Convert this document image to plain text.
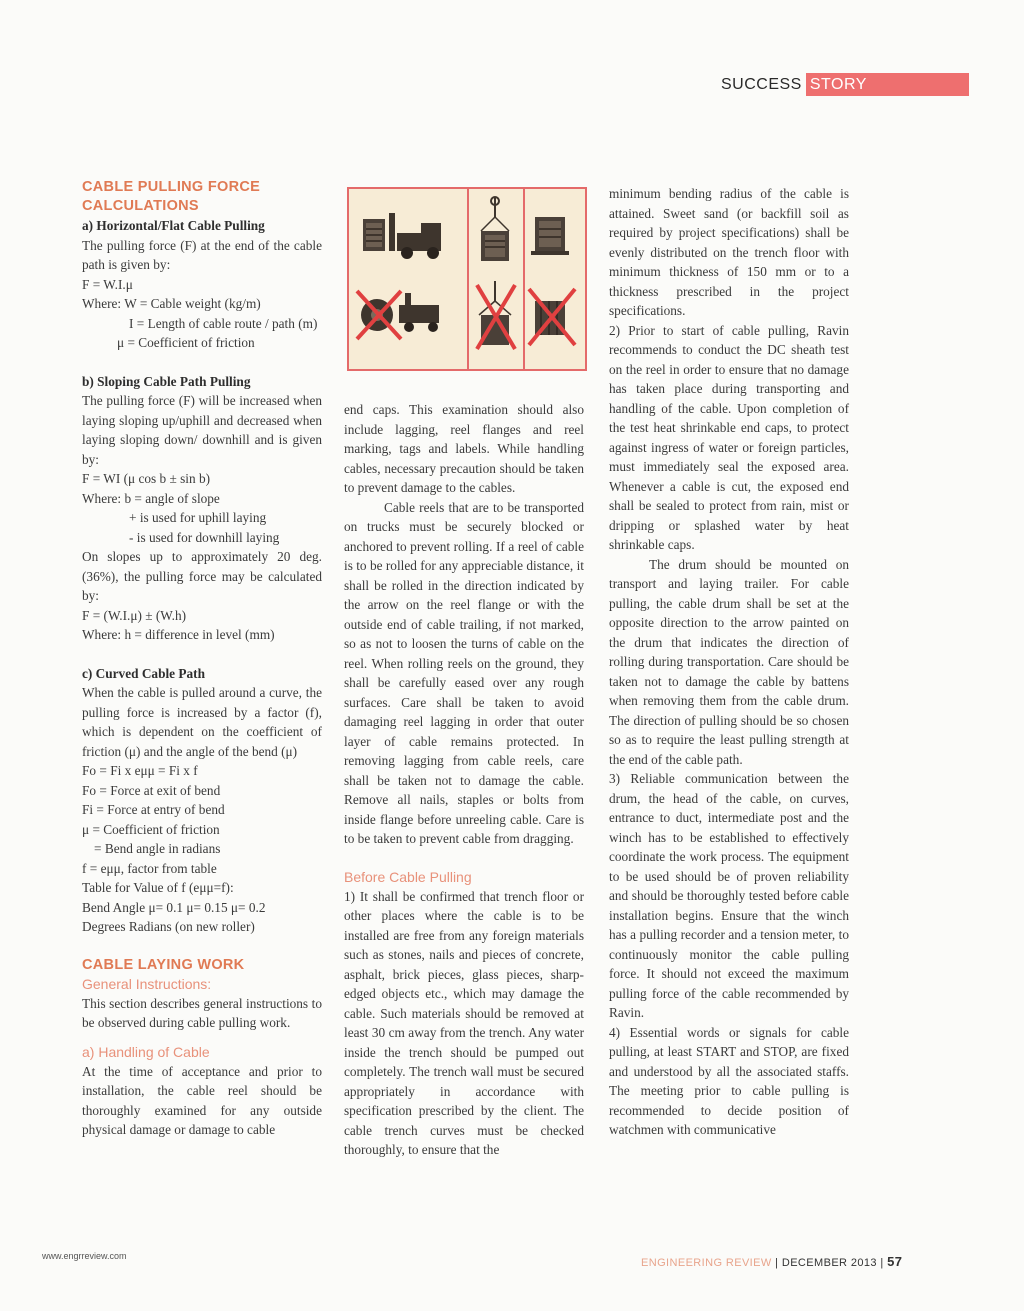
SUCCESS STORY
CABLE PULLING FORCE CALCULATIONS

a) Horizontal/Flat Cable Pulling

The pulling force (F) at the end of the cable path is given by:

F = W.I.μ

Where: W = Cable weight (kg/m)

I = Length of cable route / path (m)

μ = Coefficient of friction

b) Sloping Cable Path Pulling

The pulling force (F) will be increased when laying sloping up/uphill and decreased when laying sloping down/ downhill and is given by:

F = WI (μ cos b ± sin b)

Where: b = angle of slope

+ is used for uphill laying

- is used for downhill laying

On slopes up to approximately 20 deg. (36%), the pulling force may be calculated by:

F = (W.I.μ) ± (W.h)

Where: h = difference in level (mm)

c) Curved Cable Path

When the cable is pulled around a curve, the pulling force is increased by a factor (f), which is dependent on the coefficient of friction (μ) and the angle of the bend (μ)

Fo = Fi x eμμ = Fi x f

Fo = Force at exit of bend

Fi = Force at entry of bend

μ = Coefficient of friction

= Bend angle in radians

f = eμμ, factor from table

Table for Value of f (eμμ=f):

Bend Angle μ= 0.1 μ= 0.15 μ= 0.2

Degrees Radians (on new roller)

CABLE LAYING WORK

General Instructions:

This section describes general instructions to be observed during cable pulling work.

a) Handling of Cable

At the time of acceptance and prior to installation, the cable reel should be thoroughly examined for any outside physical damage or damage to cable

end caps. This examination should also include lagging, reel flanges and reel marking, tags and labels. While handling cables, necessary precaution should be taken to prevent damage to the cables.

Cable reels that are to be transported on trucks must be securely blocked or anchored to prevent rolling. If a reel of cable is to be rolled for any appreciable distance, it shall be rolled in the direction indicated by the arrow on the reel flange or with the outside end of cable trailing, if not marked, so as not to loosen the turns of cable on the reel. When rolling reels on the ground, they shall be carefully eased over any rough surfaces. Care shall be taken to avoid damaging reel lagging in order that outer layer of cable remains protected. In removing lagging from cable reels, care shall be taken not to damage the cable. Remove all nails, staples or bolts from inside flange before unreeling cable. Care is to be taken to prevent cable from dragging.

Before Cable Pulling

1) It shall be confirmed that trench floor or other places where the cable is to be installed are free from any foreign materials such as stones, nails and pieces of concrete, asphalt, brick pieces, glass pieces, sharp-edged objects etc., which may damage the cable. Such materials should be removed at least 30 cm away from the trench. Any water inside the trench should be pumped out completely. The trench wall must be secured appropriately in accordance with specification prescribed by the client. The cable trench curves must be checked thoroughly, to ensure that the

minimum bending radius of the cable is attained. Sweet sand (or backfill soil as required by project specifications) shall be evenly distributed on the trench floor with minimum thickness of 150 mm or to a thickness prescribed in the project specifications.

2) Prior to start of cable pulling, Ravin recommends to conduct the DC sheath test on the reel in order to ensure that no damage has taken place during transporting and handling of the cable. Upon completion of the test heat shrinkable end caps, to protect against ingress of water or foreign particles, must immediately seal the exposed area. Whenever a cable is cut, the exposed end shall be sealed to protect from rain, mist or dripping or splashed water by heat shrinkable caps.

The drum should be mounted on transport and laying trailer. For cable pulling, the cable drum shall be set at the opposite direction to the arrow painted on the drum that indicates the direction of rolling during transportation. Care should be taken not to damage the cable by battens when removing them from the cable drum. The direction of pulling should be so chosen so as to require the least pulling strength at the end of the cable path.

3) Reliable communication between the drum, the head of the cable, on curves, entrance to duct, intermediate post and the winch has to be established to effectively coordinate the work process. The equipment to be used should be of proven reliability and should be thoroughly tested before cable installation begins. Ensure that the winch has a pulling recorder and a tension meter, to continuously monitor the cable pulling force. It should not exceed the maximum pulling force of the cable recommended by Ravin.

4) Essential words or signals for cable pulling, at least START and STOP, are fixed and understood by all the associated staffs. The meeting prior to cable pulling is recommended to decide position of watchmen with communicative

www.engrreview.com
ENGINEERING REVIEW | DECEMBER 2013 | 57
